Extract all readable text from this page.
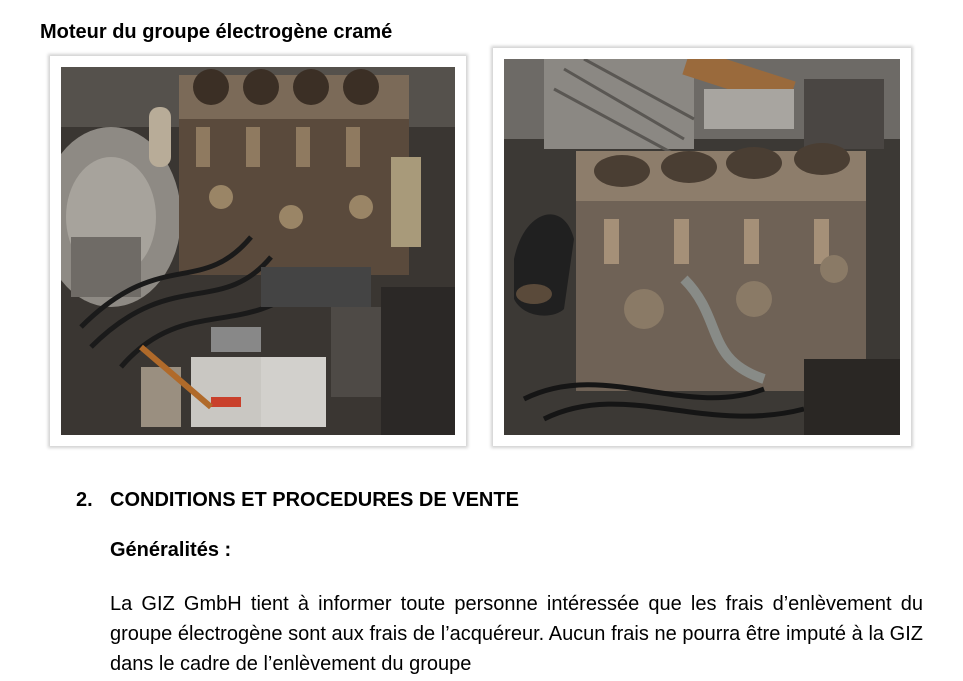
Moteur du groupe électrogène cramé
2. CONDITIONS ET PROCEDURES DE VENTE
Généralités :
La GIZ GmbH tient à informer toute personne intéressée que les frais d’enlèvement du groupe électrogène sont aux frais de l’acquéreur. Aucun frais ne pourra être imputé à la GIZ dans le cadre de l’enlèvement du groupe
